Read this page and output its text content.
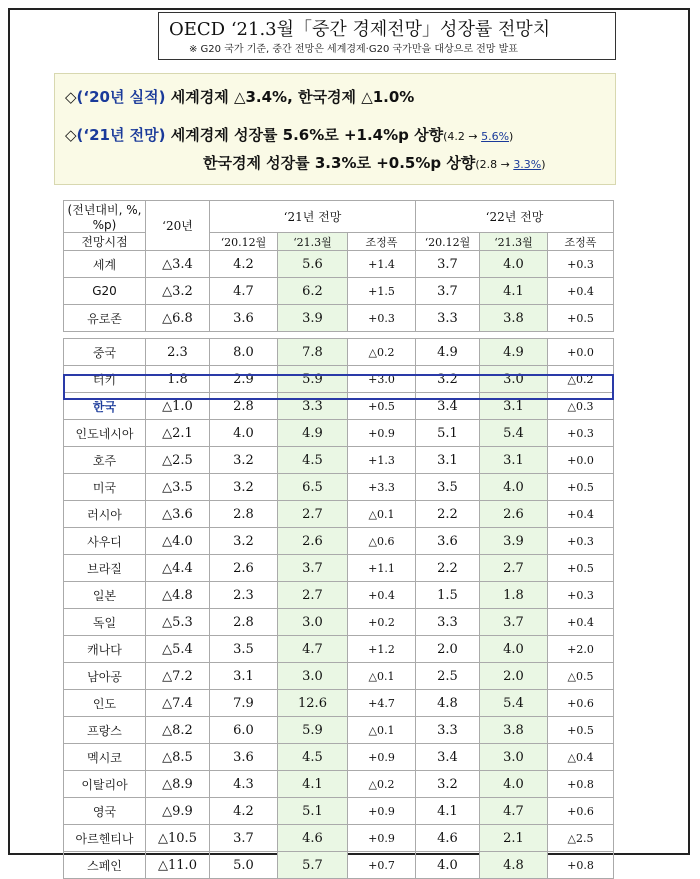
OECD ‘21.3월「중간 경제전망」성장률 전망치
※ G20 국가 기준, 중간 전망은 세계경제·G20 국가만을 대상으로 전망 발표
◇(‘20년 실적) 세계경제 △3.4%, 한국경제 △1.0%
◇(‘21년 전망) 세계경제 성장률 5.6%로 +1.4%p 상향(4.2 → 5.6%)
한국경제 성장률 3.3%로 +0.5%p 상향(2.8 → 3.3%)
(전년대비, %, %p)	‘20년	‘21년 전망			‘22년 전망		
전망시점		‘20.12월	‘21.3월	조정폭	‘20.12월	‘21.3월	조정폭
세계	△3.4	4.2	5.6	+1.4	3.7	4.0	+0.3
G20	△3.2	4.7	6.2	+1.5	3.7	4.1	+0.4
유로존	△6.8	3.6	3.9	+0.3	3.3	3.8	+0.5

중국	2.3	8.0	7.8	△0.2	4.9	4.9	+0.0
터키	1.8	2.9	5.9	+3.0	3.2	3.0	△0.2
한국	△1.0	2.8	3.3	+0.5	3.4	3.1	△0.3
인도네시아	△2.1	4.0	4.9	+0.9	5.1	5.4	+0.3
호주	△2.5	3.2	4.5	+1.3	3.1	3.1	+0.0
미국	△3.5	3.2	6.5	+3.3	3.5	4.0	+0.5
러시아	△3.6	2.8	2.7	△0.1	2.2	2.6	+0.4
사우디	△4.0	3.2	2.6	△0.6	3.6	3.9	+0.3
브라질	△4.4	2.6	3.7	+1.1	2.2	2.7	+0.5
일본	△4.8	2.3	2.7	+0.4	1.5	1.8	+0.3
독일	△5.3	2.8	3.0	+0.2	3.3	3.7	+0.4
캐나다	△5.4	3.5	4.7	+1.2	2.0	4.0	+2.0
남아공	△7.2	3.1	3.0	△0.1	2.5	2.0	△0.5
인도	△7.4	7.9	12.6	+4.7	4.8	5.4	+0.6
프랑스	△8.2	6.0	5.9	△0.1	3.3	3.8	+0.5
멕시코	△8.5	3.6	4.5	+0.9	3.4	3.0	△0.4
이탈리아	△8.9	4.3	4.1	△0.2	3.2	4.0	+0.8
영국	△9.9	4.2	5.1	+0.9	4.1	4.7	+0.6
아르헨티나	△10.5	3.7	4.6	+0.9	4.6	2.1	△2.5
스페인	△11.0	5.0	5.7	+0.7	4.0	4.8	+0.8
